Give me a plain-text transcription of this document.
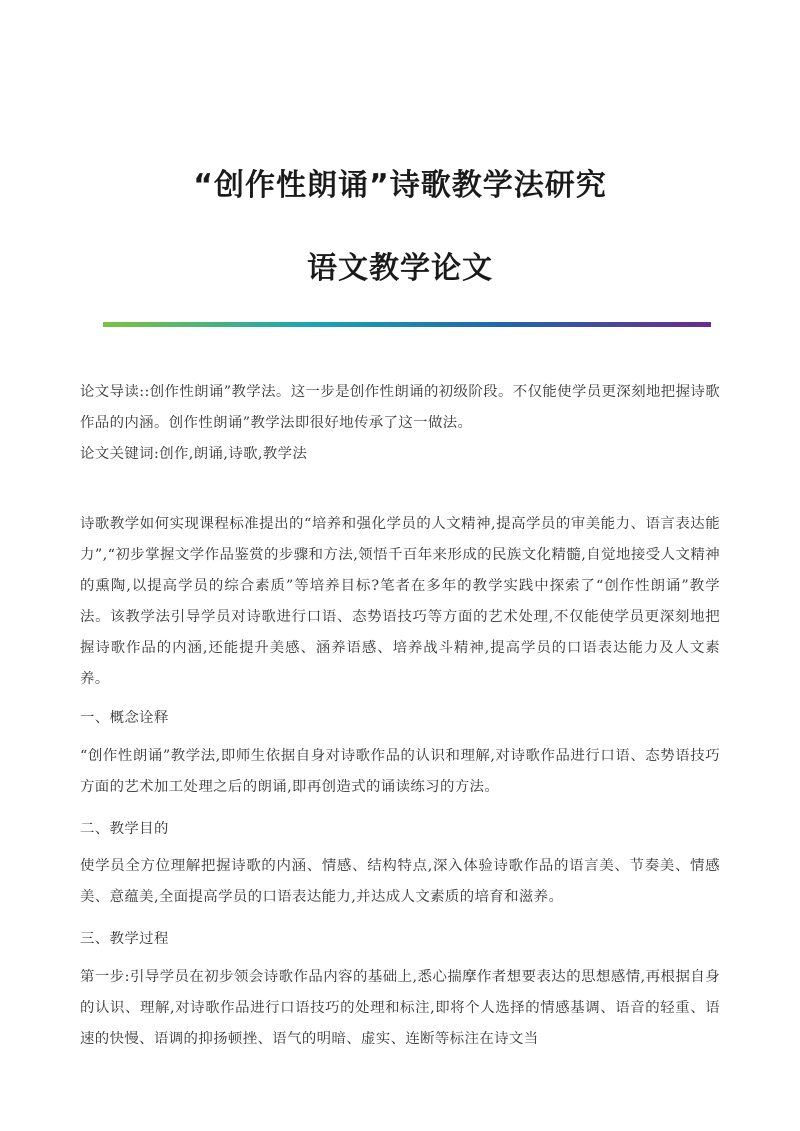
“创作性朗诵”诗歌教学法研究
语文教学论文

论文导读::创作性朗诵”教学法。这一步是创作性朗诵的初级阶段。不仅能使学员更深刻地把握诗歌作品的内涵。创作性朗诵”教学法即很好地传承了这一做法。

论文关键词:创作,朗诵,诗歌,教学法

诗歌教学如何实现课程标准提出的“培养和强化学员的人文精神,提高学员的审美能力、语言表达能力”,“初步掌握文学作品鉴赏的步骤和方法,领悟千百年来形成的民族文化精髓,自觉地接受人文精神的熏陶,以提高学员的综合素质”等培养目标?笔者在多年的教学实践中探索了“创作性朗诵”教学法。该教学法引导学员对诗歌进行口语、态势语技巧等方面的艺术处理,不仅能使学员更深刻地把握诗歌作品的内涵,还能提升美感、涵养语感、培养战斗精神,提高学员的口语表达能力及人文素养。

一、概念诠释

“创作性朗诵”教学法,即师生依据自身对诗歌作品的认识和理解,对诗歌作品进行口语、态势语技巧方面的艺术加工处理之后的朗诵,即再创造式的诵读练习的方法。

二、教学目的

使学员全方位理解把握诗歌的内涵、情感、结构特点,深入体验诗歌作品的语言美、节奏美、情感美、意蕴美,全面提高学员的口语表达能力,并达成人文素质的培育和滋养。

三、教学过程

第一步:引导学员在初步领会诗歌作品内容的基础上,悉心揣摩作者想要表达的思想感情,再根据自身的认识、理解,对诗歌作品进行口语技巧的处理和标注,即将个人选择的情感基调、语音的轻重、语速的快慢、语调的抑扬顿挫、语气的明暗、虚实、连断等标注在诗文当
